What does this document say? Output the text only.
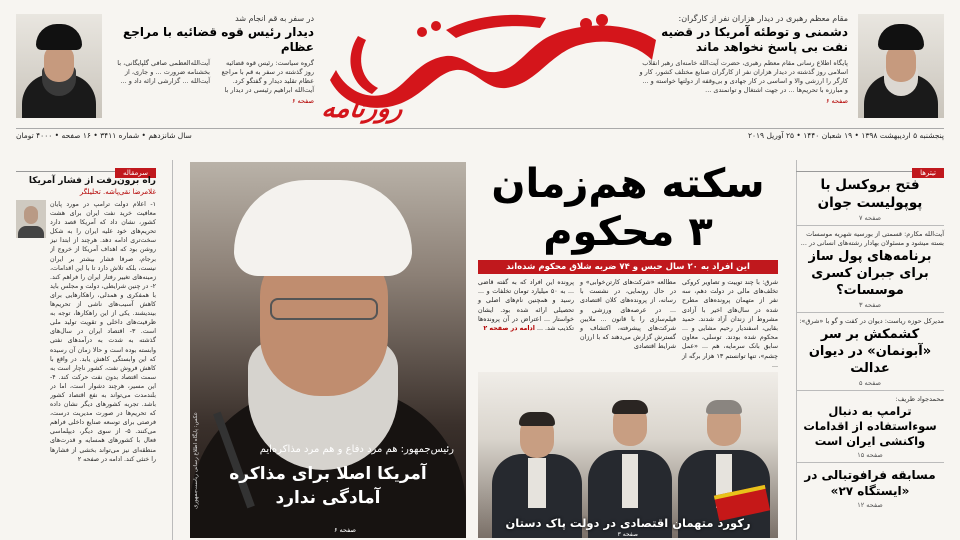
مقام معظم رهبری در دیدار هزاران نفر از کارگران:
دشمنی و توطئه آمریکا در قضیه نفت بی پاسخ نخواهد ماند
پایگاه اطلاع رسانی مقام معظم رهبری، حضرت آیت‌الله خامنه‌ای رهبر انقلاب اسلامی روز گذشته در دیدار هزاران نفر از کارگران صنایع مختلف کشور، کار و کارگر را ارزشی والا و اساسی در کار جهادی و بی‌وقفه از دولتها خواسته و ... و مبارزه با تحریم‌ها ... در جهت اشتغال و توانمندی ...
صفحه ۶
روزنامه
در سفر به قم انجام شد
دیدار رئیس قوه قضائیه با مراجع عظام
گروه سیاست: رئیس قوه قضائیه روز گذشته در سفر به قم با مراجع عظام تقلید دیدار و گفتگو کرد. آیت‌الله ابراهیم رئیسی در دیدار با آیت‌الله‌العظمی صافی گلپایگانی، با بخشنامه ضرورت ... و جاری، از آیت‌الله ... گزارشی ارائه داد و ...
صفحه ۶
پنجشنبه ۵ اردیبهشت ۱۳۹۸ • ۱۹ شعبان ۱۴۴۰ • ۲۵ آوریل ۲۰۱۹
سال شانزدهم • شماره ۳۴۱۱ • ۱۶ صفحه • ۴۰۰۰ تومان
تیترها
فتح بروکسل با پوپولیست جوان
صفحه ۷
آیت‌الله مکارم: قسمتی از بورسیه شهریه موسسات بسته میشود و مسئولان بهادار رشته‌های انسانی در ...
برنامه‌های پول ساز برای جبران کسری موسسات؟
صفحه ۳
مدیرکل حوزه ریاست: دیوان در کفت و گو با «شرق»:
کشمکش بر سر «آبونمان» در دیوان عدالت
صفحه ۵
محمدجواد ظریف:
ترامپ به دنبال سوءاستفاده از اقدامات واکنشی ایران است
صفحه ۱۵
مسابقه فرافوتبالی در «ایستگاه ۲۷»
صفحه ۱۲
سرمقاله
راه برون‌رفت از فشار آمریکا
غلامرضا نقی‌پاشه. تحلیلگر
۱- اعلام دولت ترامپ در مورد پایان معافیت خرید نفت ایران برای هشت کشور، نشان داد که آمریکا قصد دارد تحریم‌های خود علیه ایران را به شکل سخت‌تری ادامه دهد. هرچند از ابتدا نیز روشن بود که اهداف آمریکا از خروج از برجام، صرفا فشار بیشتر بر ایران نیست، بلکه تلاش دارد تا با این اقدامات، زمینه‌های تغییر رفتار ایران را فراهم کند. ۲- در چنین شرایطی، دولت و مجلس باید با همفکری و همدلی، راهکارهایی برای کاهش آسیب‌های ناشی از تحریم‌ها بیندیشند. یکی از این راهکارها، توجه به ظرفیت‌های داخلی و تقویت تولید ملی است. ۳- اقتصاد ایران در سال‌های گذشته به شدت به درآمدهای نفتی وابسته بوده است و حالا زمان آن رسیده که این وابستگی کاهش یابد. در واقع با کاهش فروش نفت، کشور ناچار است به سمت اقتصاد بدون نفت حرکت کند. ۴- این مسیر، هرچند دشوار است، اما در بلندمدت می‌تواند به نفع اقتصاد کشور باشد. تجربه کشورهای دیگر نشان داده که تحریم‌ها در صورت مدیریت درست، فرصتی برای توسعه صنایع داخلی فراهم می‌کنند. ۵- از سوی دیگر، دیپلماسی فعال با کشورهای همسایه و قدرت‌های منطقه‌ای نیز می‌تواند بخشی از فشارها را خنثی کند. ادامه در صفحه ۲	عکس: پایگاه اطلاع رسانی ریاست‌جمهوری	رئیس‌جمهور: هم مرد دفاع و هم مرد مذاکره‌ایم
آمریکا اصلا برای مذاکره آمادگی ندارد
صفحه ۶
سکته هم‌زمان
۳ محکوم
این افراد به ۲۰ سال حبس و ۷۴ ضربه شلاق محکوم شده‌اند
شرق: با چند توییت و تصاویر کروکی تخلف‌های مالی در دولت دهم، سه نفر از متهمان پرونده‌های مطرح شده در سال‌های اخیر با آزادی مشروط از زندان آزاد شدند. حمید بقایی، اسفندیار رحیم مشایی و ... محکوم شده بودند. توسلی، معاون سابق بانک سرمایه، هم ... «عمل چشم»، تنها توانستم ۱۳ هزار برگه از ...
مطالعه «شرکت‌های کارتن‌خوابی» و در حال رونمایی، در نشست با رسانه، از پرونده‌های کلان اقتصادی ... در عرصه‌های ورزشی و فیلم‌سازی را با قانون ... ملایین شرکت‌های پیشرفته، اکتشاف و گسترش گزارش می‌دهند که با ارزان شرایط اقتصادی
پرونده این افراد که به گفته قاضی ... به ۵۰ میلیارد تومان تخلفات و ... رسید و همچنین نام‌های اصلی و تحصیلی ارائه شده بود. ایشان خواستار ... اعتراض در آن پرونده‌ها تکذیب شد. ... ادامه در صفحه ۲
رکورد متهمان اقتصادی در دولت پاک دستان
صفحه ۳
